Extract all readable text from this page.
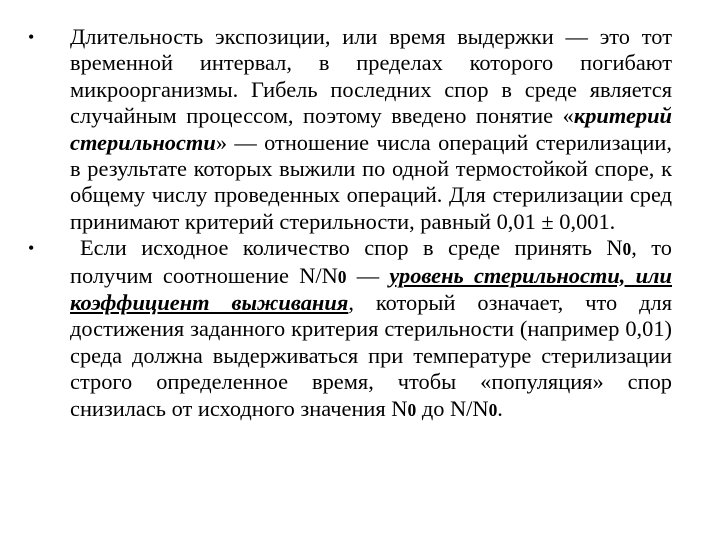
• Длительность экспозиции, или время выдержки — это тот временной интервал, в пределах которого погибают микроорганизмы. Гибель последних спор в среде является случайным процессом, поэтому введено понятие «критерий стерильности» — отношение числа операций стерилизации, в результате которых выжили по одной термостойкой споре, к общему числу проведенных операций. Для стерилизации сред принимают критерий стерильности, равный 0,01 ± 0,001.
• Если исходное количество спор в среде принять N0, то получим соотношение N/N0 — уровень стерильности, или коэффициент выживания, который означает, что для достижения заданного критерия стерильности (например 0,01) среда должна выдерживаться при температуре стерилизации строго определенное время, чтобы «популяция» спор снизилась от исходного значения N0 до N/N0.
